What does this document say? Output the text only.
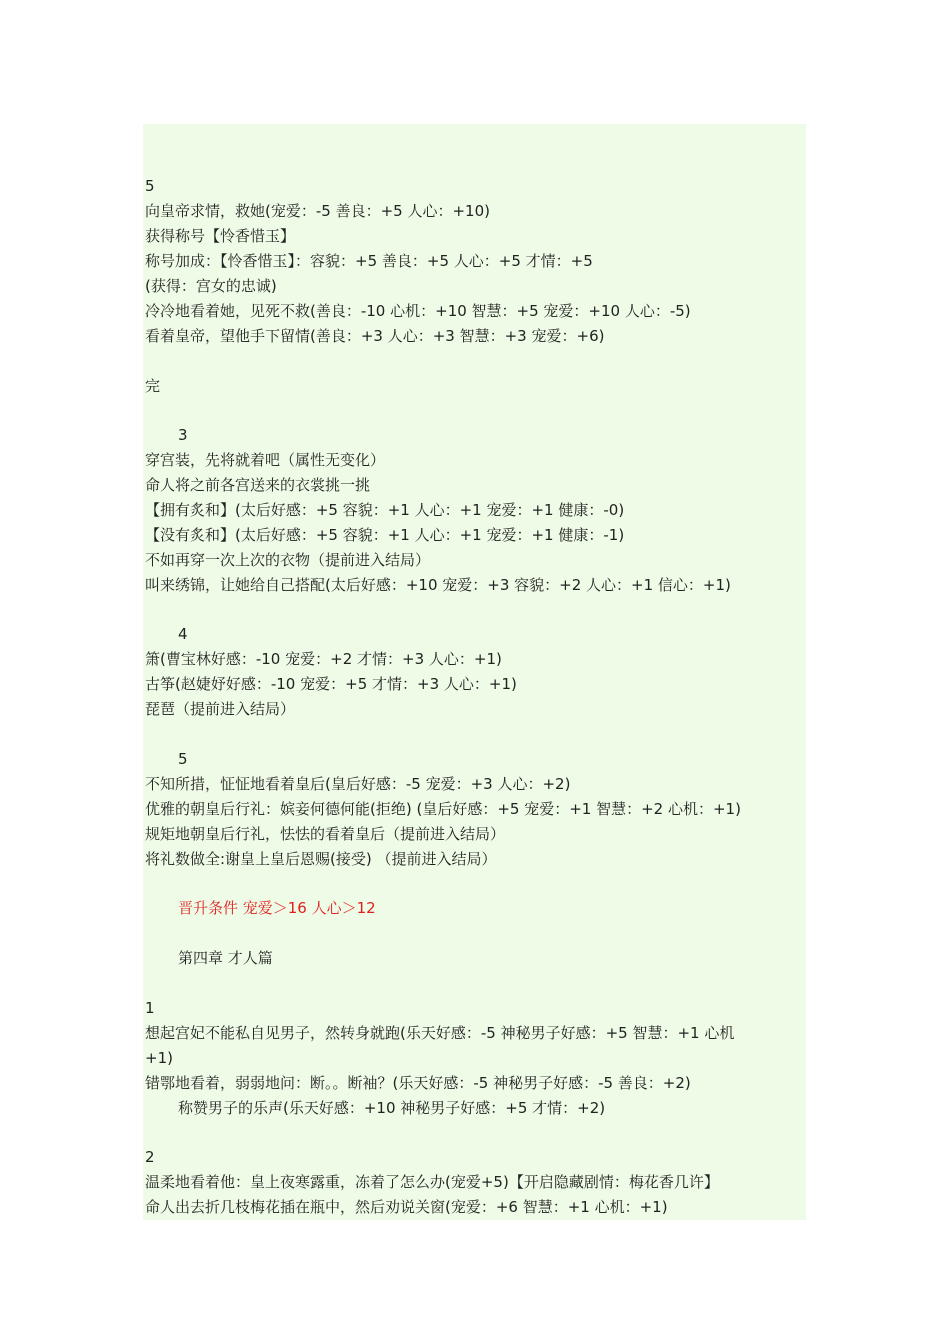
5
向皇帝求情，救她(宠爱：-5 善良：+5 人心：+10)
获得称号【怜香惜玉】
称号加成：【怜香惜玉】：容貌：+5 善良：+5 人心：+5 才情：+5
(获得：宫女的忠诚)
冷冷地看着她，见死不救(善良：-10 心机：+10 智慧：+5 宠爱：+10 人心：-5)
看着皇帝，望他手下留情(善良：+3 人心：+3 智慧：+3 宠爱：+6)
完
3
穿宫装，先将就着吧（属性无变化）
命人将之前各宫送来的衣裳挑一挑
【拥有炙和】(太后好感：+5 容貌：+1 人心：+1 宠爱：+1 健康：-0)
【没有炙和】(太后好感：+5 容貌：+1 人心：+1 宠爱：+1 健康：-1)
不如再穿一次上次的衣物（提前进入结局）
叫来绣锦，让她给自己搭配(太后好感：+10 宠爱：+3 容貌：+2 人心：+1 信心：+1)
4
箫(曹宝林好感：-10 宠爱：+2 才情：+3 人心：+1)
古筝(赵婕妤好感：-10 宠爱：+5 才情：+3 人心：+1)
琵琶（提前进入结局）
5
不知所措，怔怔地看着皇后(皇后好感：-5 宠爱：+3 人心：+2)
优雅的朝皇后行礼：嫔妾何德何能(拒绝) (皇后好感：+5 宠爱：+1 智慧：+2 心机：+1)
规矩地朝皇后行礼，怯怯的看着皇后（提前进入结局）
将礼数做全:谢皇上皇后恩赐(接受) （提前进入结局）
晋升条件 宠爱＞16 人心＞12
第四章 才人篇
1
想起宫妃不能私自见男子，然转身就跑(乐天好感：-5 神秘男子好感：+5 智慧：+1 心机
+1)
错鄂地看着，弱弱地问：断。。断袖？(乐天好感：-5 神秘男子好感：-5 善良：+2)
称赞男子的乐声(乐天好感：+10 神秘男子好感：+5 才情：+2)
2
温柔地看着他：皇上夜寒露重，冻着了怎么办(宠爱+5)【开启隐藏剧情：梅花香几许】
命人出去折几枝梅花插在瓶中，然后劝说关窗(宠爱：+6 智慧：+1 心机：+1)
